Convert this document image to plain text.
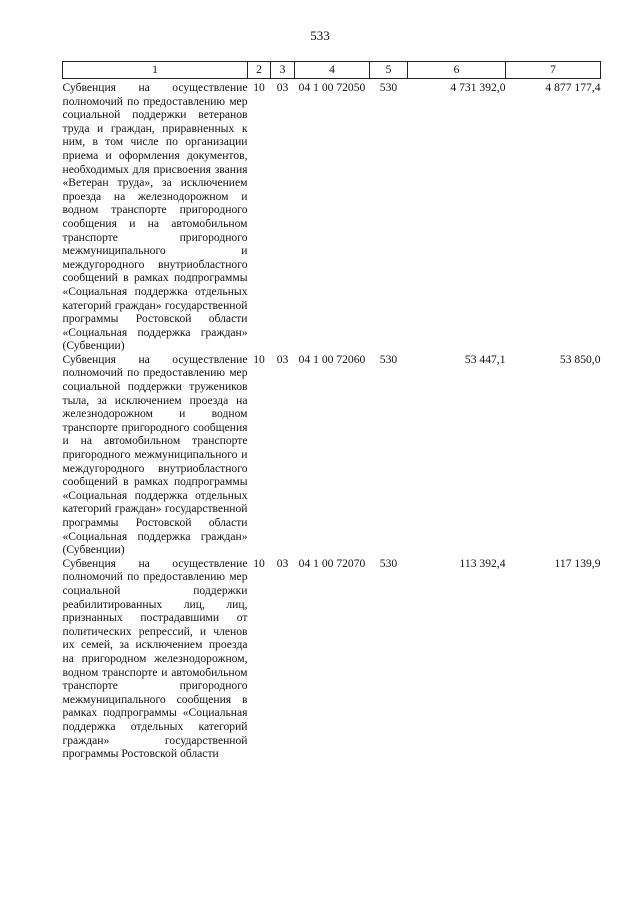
533
1	2	3	4	5	6	7
Субвенция на осуществление полномочий по предоставлению мер социальной поддержки ветеранов труда и граждан, приравненных к ним, в том числе по организации приема и оформления документов, необходимых для присвоения звания «Ветеран труда», за исключением проезда на железнодорожном и водном транспорте пригородного сообщения и на автомобильном транспорте пригородного межмуниципального и междугородного внутриобластного сообщений в рамках подпрограммы «Социальная поддержка отдельных категорий граждан» государственной программы Ростовской области «Социальная поддержка граждан» (Субвенции)	10	03	04 1 00 72050	530	4 731 392,0	4 877 177,4
Субвенция на осуществление полномочий по предоставлению мер социальной поддержки тружеников тыла, за исключением проезда на железнодорожном и водном транспорте пригородного сообщения и на автомобильном транспорте пригородного межмуниципального и междугородного внутриобластного сообщений в рамках подпрограммы «Социальная поддержка отдельных категорий граждан» государственной программы Ростовской области «Социальная поддержка граждан» (Субвенции)	10	03	04 1 00 72060	530	53 447,1	53 850,0
Субвенция на осуществление полномочий по предоставлению мер социальной поддержки реабилитированных лиц, лиц, признанных пострадавшими от политических репрессий, и членов их семей, за исключением проезда на пригородном железнодорожном, водном транспорте и автомобильном транспорте пригородного межмуниципального сообщения в рамках подпрограммы «Социальная поддержка отдельных категорий граждан» государственной программы Ростовской области	10	03	04 1 00 72070	530	113 392,4	117 139,9
